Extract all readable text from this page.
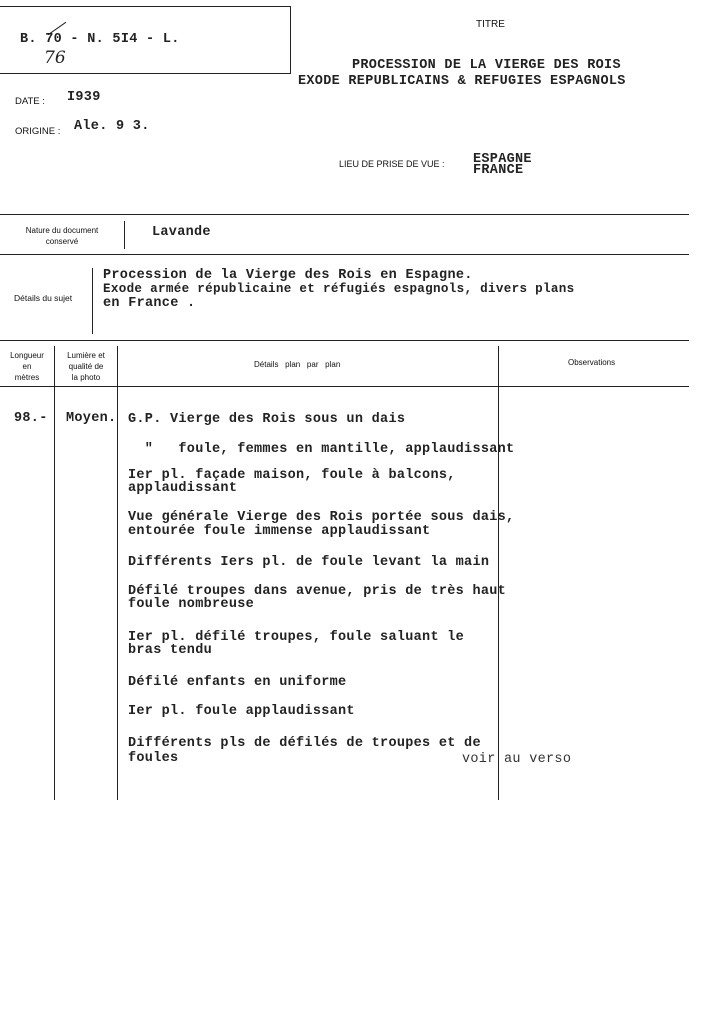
B. 70 - N. 5I4 - L.
76
TITRE
PROCESSION DE LA VIERGE DES ROIS
EXODE REPUBLICAINS & REFUGIES ESPAGNOLS
DATE : I939
ORIGINE : Ale. 9 3.
LIEU DE PRISE DE VUE : ESPAGNE
FRANCE
Nature du document
conservé
Lavande
Détails du sujet
Procession de la Vierge des Rois en Espagne.
Exode armée républicaine et réfugiés espagnols, divers plans
en France .
Longueur
en
mètres
Lumière et
qualité de
la photo
Détails   plan   par   plan	Observations
98.- Moyen. G.P. Vierge des Rois sous un dais
"   foule, femmes en mantille, applaudissant
Ier pl. façade maison, foule à balcons,
applaudissant
Vue générale Vierge des Rois portée sous dais,
entourée foule immense applaudissant
Différents Iers pl. de foule levant la main
Défilé troupes dans avenue, pris de très haut
foule nombreuse
Ier pl. défilé troupes, foule saluant le
bras tendu
Défilé enfants en uniforme
Ier pl. foule applaudissant
Différents pls de défilés de troupes et de
foules	voir au verso
